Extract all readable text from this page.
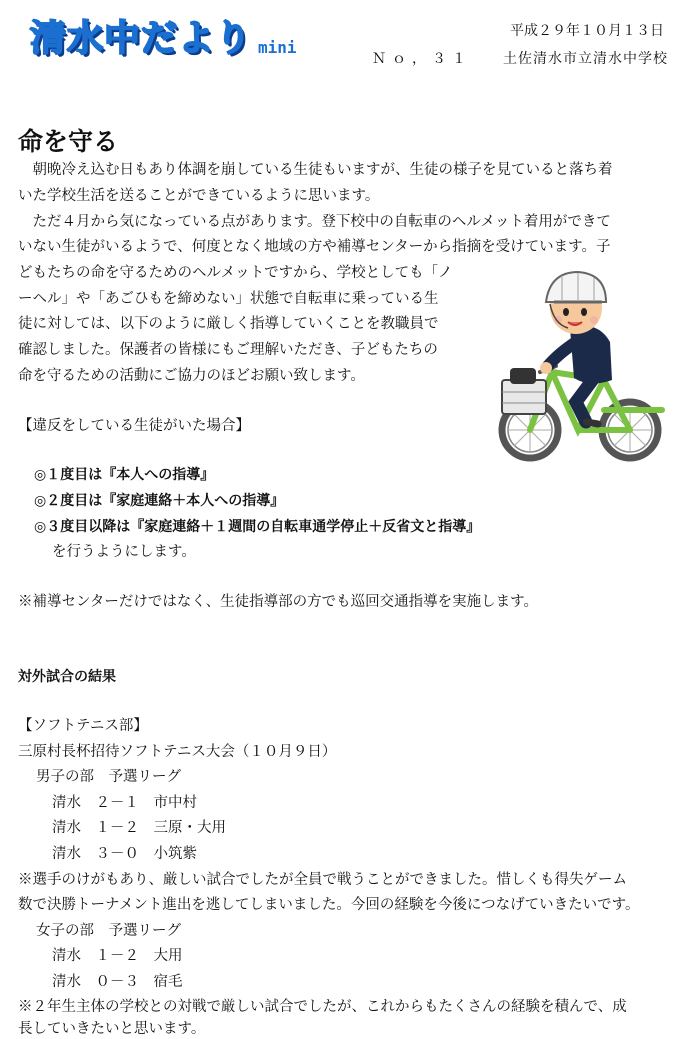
清水中だより mini
平成２９年１０月１３日
Ｎｏ，３１ 土佐清水市立清水中学校
命を守る
　朝晩冷え込む日もあり体調を崩している生徒もいますが、生徒の様子を見ていると落ち着
いた学校生活を送ることができているように思います。
　ただ４月から気になっている点があります。登下校中の自転車のヘルメット着用ができて
いない生徒がいるようで、何度となく地域の方や補導センターから指摘を受けています。子
どもたちの命を守るためのヘルメットですから、学校としても「ノ
ーヘル」や「あごひもを締めない」状態で自転車に乗っている生
徒に対しては、以下のように厳しく指導していくことを教職員で
確認しました。保護者の皆様にもご理解いただき、子どもたちの
命を守るための活動にご協力のほどお願い致します。
【違反をしている生徒がいた場合】
◎１度目は『本人への指導』
◎２度目は『家庭連絡＋本人への指導』
◎３度目以降は『家庭連絡＋１週間の自転車通学停止＋反省文と指導』
を行うようにします。
※補導センターだけではなく、生徒指導部の方でも巡回交通指導を実施します。
対外試合の結果
【ソフトテニス部】
三原村長杯招待ソフトテニス大会（１０月９日）
男子の部　予選リーグ
清水　２－１　市中村
清水　１－２　三原・大用
清水　３－０　小筑紫
※選手のけがもあり、厳しい試合でしたが全員で戦うことができました。惜しくも得失ゲーム
数で決勝トーナメント進出を逃してしまいました。今回の経験を今後につなげていきたいです。
女子の部　予選リーグ
清水　１－２　大用
清水　０－３　宿毛
※２年生主体の学校との対戦で厳しい試合でしたが、これからもたくさんの経験を積んで、成
長していきたいと思います。
